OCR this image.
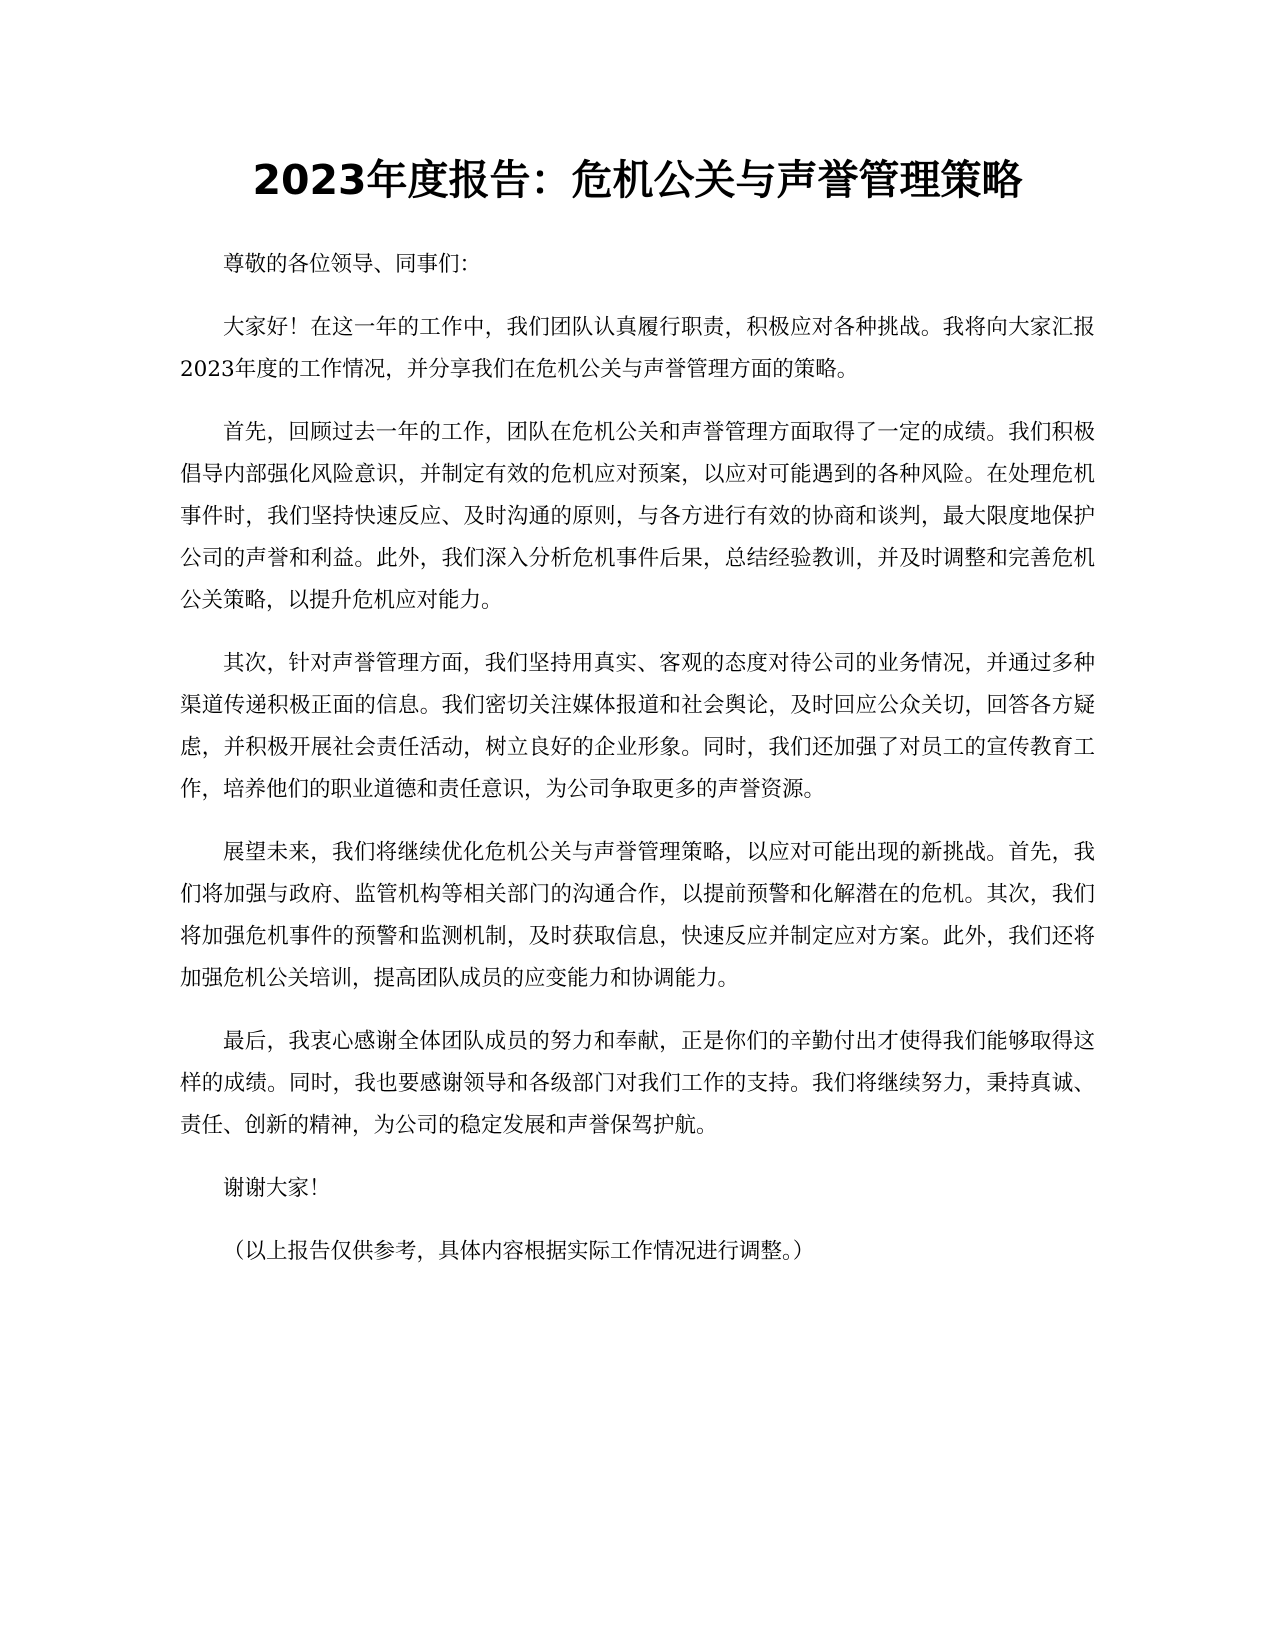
2023年度报告：危机公关与声誉管理策略

尊敬的各位领导、同事们：

大家好！在这一年的工作中，我们团队认真履行职责，积极应对各种挑战。我将向大家汇报2023年度的工作情况，并分享我们在危机公关与声誉管理方面的策略。

首先，回顾过去一年的工作，团队在危机公关和声誉管理方面取得了一定的成绩。我们积极倡导内部强化风险意识，并制定有效的危机应对预案，以应对可能遇到的各种风险。在处理危机事件时，我们坚持快速反应、及时沟通的原则，与各方进行有效的协商和谈判，最大限度地保护公司的声誉和利益。此外，我们深入分析危机事件后果，总结经验教训，并及时调整和完善危机公关策略，以提升危机应对能力。

其次，针对声誉管理方面，我们坚持用真实、客观的态度对待公司的业务情况，并通过多种渠道传递积极正面的信息。我们密切关注媒体报道和社会舆论，及时回应公众关切，回答各方疑虑，并积极开展社会责任活动，树立良好的企业形象。同时，我们还加强了对员工的宣传教育工作，培养他们的职业道德和责任意识，为公司争取更多的声誉资源。

展望未来，我们将继续优化危机公关与声誉管理策略，以应对可能出现的新挑战。首先，我们将加强与政府、监管机构等相关部门的沟通合作，以提前预警和化解潜在的危机。其次，我们将加强危机事件的预警和监测机制，及时获取信息，快速反应并制定应对方案。此外，我们还将加强危机公关培训，提高团队成员的应变能力和协调能力。

最后，我衷心感谢全体团队成员的努力和奉献，正是你们的辛勤付出才使得我们能够取得这样的成绩。同时，我也要感谢领导和各级部门对我们工作的支持。我们将继续努力，秉持真诚、责任、创新的精神，为公司的稳定发展和声誉保驾护航。

谢谢大家！

（以上报告仅供参考，具体内容根据实际工作情况进行调整。）
